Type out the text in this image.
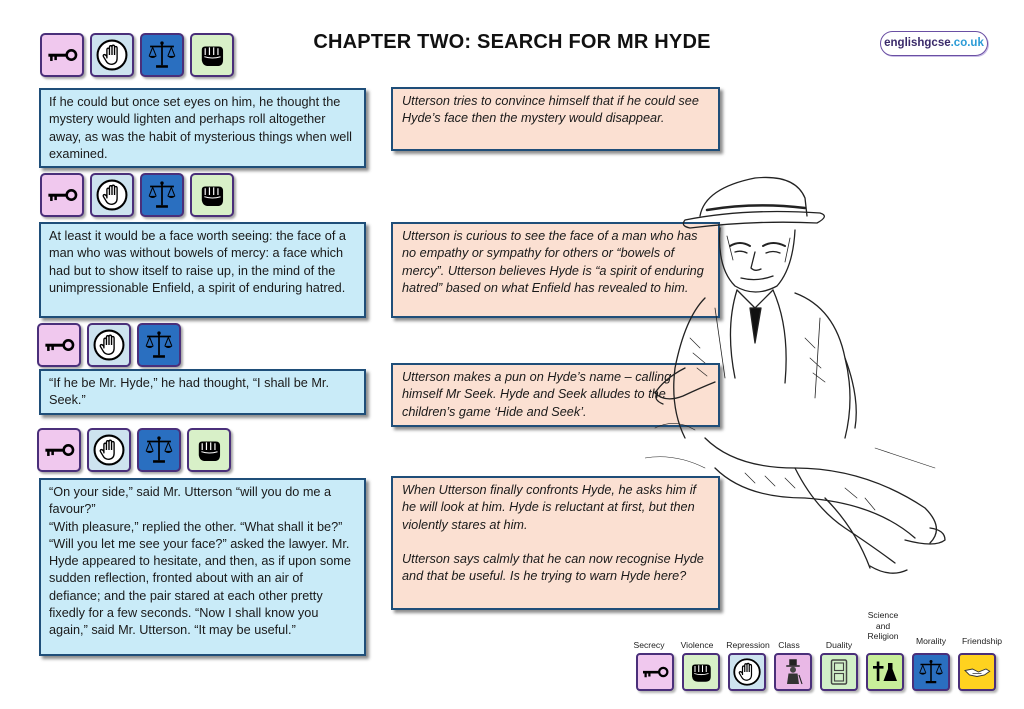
CHAPTER TWO: SEARCH FOR MR HYDE	englishgcse.co.uk
If he could but once set eyes on him, he thought the mystery would lighten and perhaps roll altogether away, as was the habit of mysterious things when well examined.

Utterson tries to convince himself that if he could see Hyde’s face then the mystery would disappear.

At least it would be a face worth seeing: the face of a man who was without bowels of mercy: a face which had but to show itself to raise up, in the mind of the unimpressionable Enfield, a spirit of enduring hatred.

Utterson is curious to see the face of a man who has no empathy or sympathy for others or “bowels of mercy”. Utterson believes Hyde is “a spirit of enduring hatred” based on what Enfield has revealed to him.

“If he be Mr. Hyde,” he had thought, “I shall be Mr. Seek.”

Utterson makes a pun on Hyde’s name – calling himself Mr Seek. Hyde and Seek alludes to the children’s game ‘Hide and Seek’.

“On your side,” said Mr. Utterson “will you do me a favour?”
“With pleasure,” replied the other. “What shall it be?”
“Will you let me see your face?” asked the lawyer. Mr. Hyde appeared to hesitate, and then, as if upon some sudden reflection, fronted about with an air of defiance; and the pair stared at each other pretty fixedly for a few seconds. “Now I shall know you again,” said Mr. Utterson. “It may be useful.”

When Utterson finally confronts Hyde, he asks him if he will look at him. Hyde is reluctant at first, but then violently stares at him.

Utterson says calmly that he can now recognise Hyde and that be useful. Is he trying to warn Hyde here?

Secrecy	Violence	Repression Class	Duality
Science and Religion	Morality	Friendship
